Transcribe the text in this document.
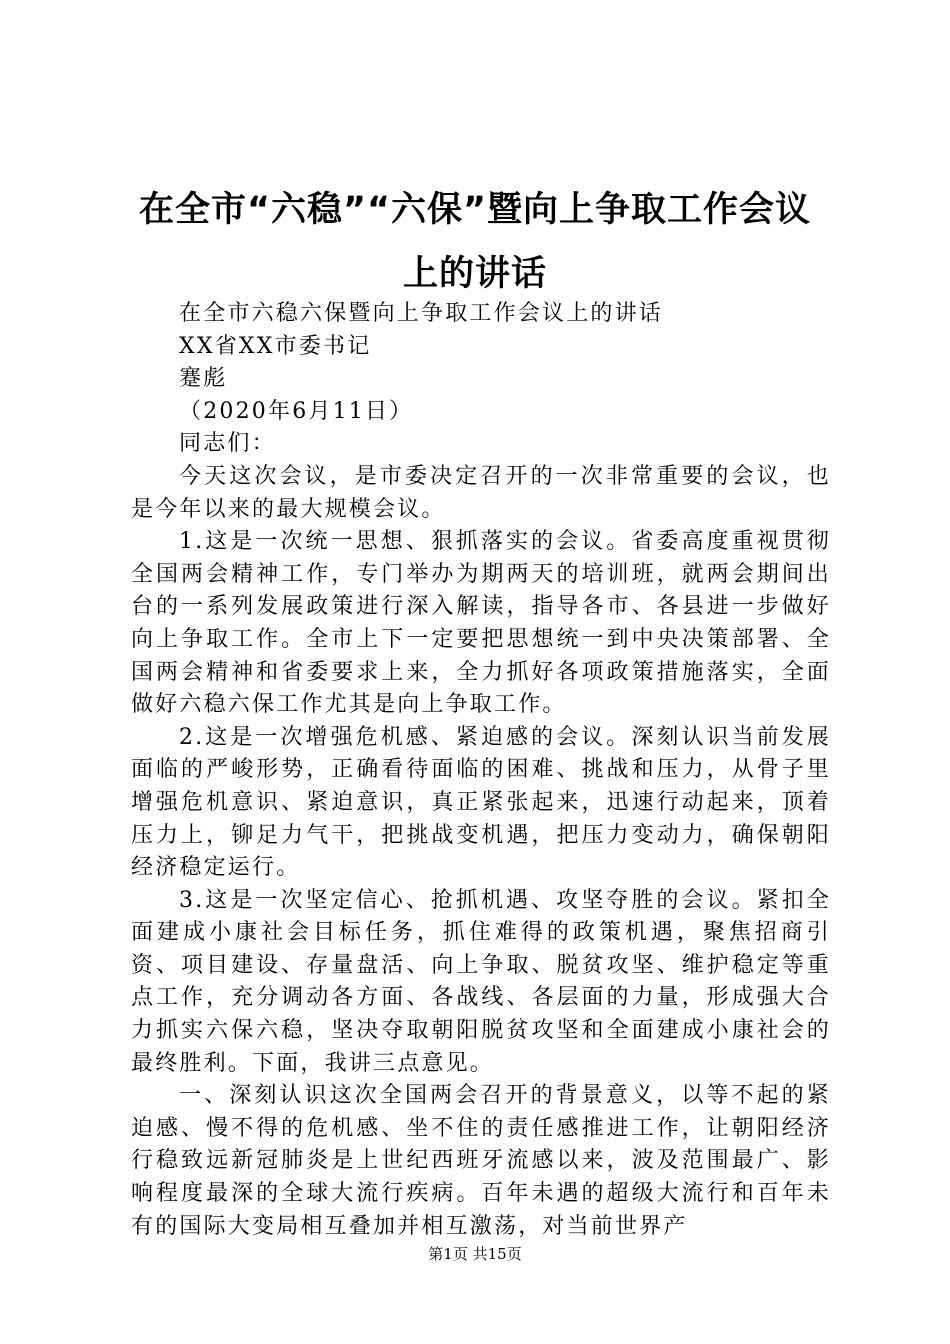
在全市“六稳”“六保”暨向上争取工作会议
上的讲话

在全市六稳六保暨向上争取工作会议上的讲话

XX省XX市委书记

蹇彪

（2020年6月11日）

同志们：

今天这次会议，是市委决定召开的一次非常重要的会议，也是今年以来的最大规模会议。

1.这是一次统一思想、狠抓落实的会议。省委高度重视贯彻全国两会精神工作，专门举办为期两天的培训班，就两会期间出台的一系列发展政策进行深入解读，指导各市、各县进一步做好向上争取工作。全市上下一定要把思想统一到中央决策部署、全国两会精神和省委要求上来，全力抓好各项政策措施落实，全面做好六稳六保工作尤其是向上争取工作。

2.这是一次增强危机感、紧迫感的会议。深刻认识当前发展面临的严峻形势，正确看待面临的困难、挑战和压力，从骨子里增强危机意识、紧迫意识，真正紧张起来，迅速行动起来，顶着压力上，铆足力气干，把挑战变机遇，把压力变动力，确保朝阳经济稳定运行。

3.这是一次坚定信心、抢抓机遇、攻坚夺胜的会议。紧扣全面建成小康社会目标任务，抓住难得的政策机遇，聚焦招商引资、项目建设、存量盘活、向上争取、脱贫攻坚、维护稳定等重点工作，充分调动各方面、各战线、各层面的力量，形成强大合力抓实六保六稳，坚决夺取朝阳脱贫攻坚和全面建成小康社会的最终胜利。下面，我讲三点意见。

一、深刻认识这次全国两会召开的背景意义，以等不起的紧迫感、慢不得的危机感、坐不住的责任感推进工作，让朝阳经济行稳致远新冠肺炎是上世纪西班牙流感以来，波及范围最广、影响程度最深的全球大流行疾病。百年未遇的超级大流行和百年未有的国际大变局相互叠加并相互激荡，对当前世界产

第1页 共15页
